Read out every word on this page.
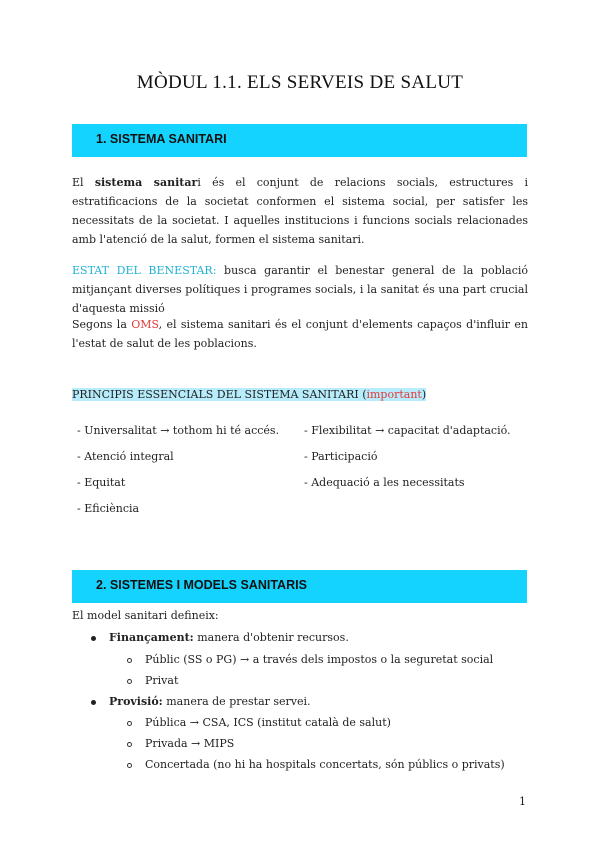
MÒDUL 1.1. ELS SERVEIS DE SALUT
1. SISTEMA SANITARI
El sistema sanitari és el conjunt de relacions socials, estructures i estratificacions de la societat conformen el sistema social, per satisfer les necessitats de la societat. I aquelles institucions i funcions socials relacionades amb l'atenció de la salut, formen el sistema sanitari.
ESTAT DEL BENESTAR: busca garantir el benestar general de la població mitjançant diverses polítiques i programes socials, i la sanitat és una part crucial d'aquesta missió
Segons la OMS, el sistema sanitari és el conjunt d'elements capaços d'influir en l'estat de salut de les poblacions.
PRINCIPIS ESSENCIALS DEL SISTEMA SANITARI (important)
- Universalitat → tothom hi té accés.
- Atenció integral
- Equitat
- Eficiència
- Flexibilitat → capacitat d'adaptació.
- Participació
- Adequació a les necessitats
2. SISTEMES I MODELS SANITARIS
El model sanitari defineix:
Finançament: manera d'obtenir recursos.
Públic (SS o PG) → a través dels impostos o la seguretat social
Privat
Provisió: manera de prestar servei.
Pública → CSA, ICS (institut català de salut)
Privada → MIPS
Concertada (no hi ha hospitals concertats, són públics o privats)
1
